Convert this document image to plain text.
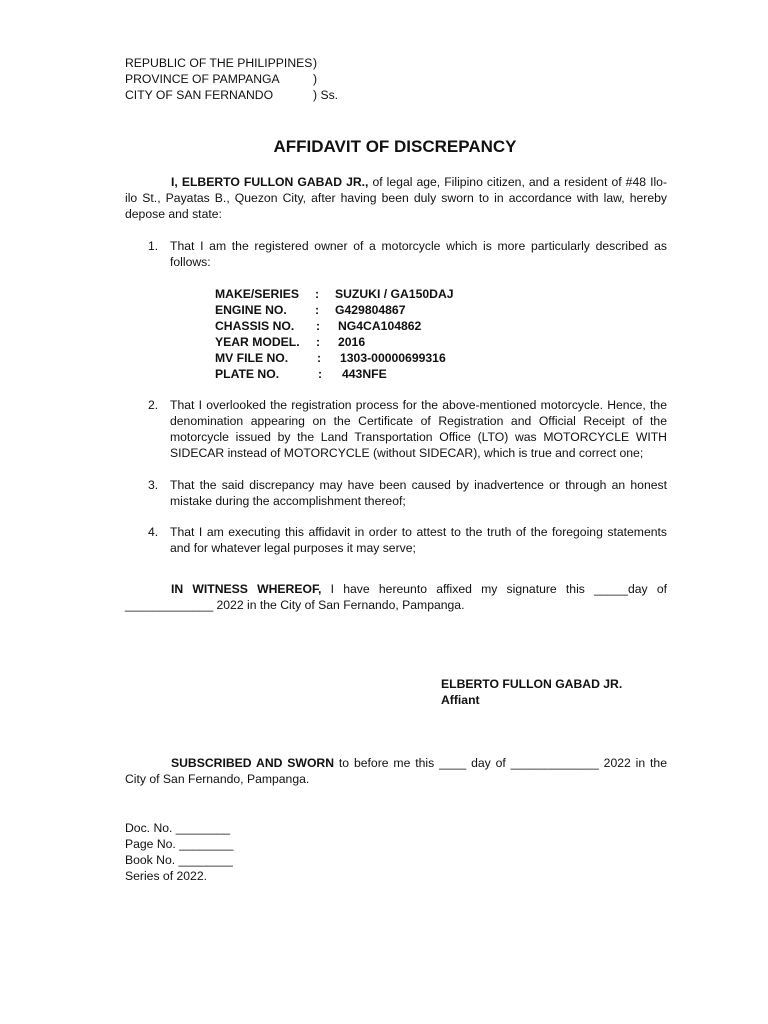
REPUBLIC OF THE PHILIPPINES )
PROVINCE OF PAMPANGA	)
CITY OF SAN FERNANDO	) Ss.
AFFIDAVIT OF DISCREPANCY
I, ELBERTO FULLON GABAD JR., of legal age, Filipino citizen, and a resident of #48 Ilo-ilo St., Payatas B., Quezon City, after having been duly sworn to in accordance with law, hereby depose and state:
1. That I am the registered owner of a motorcycle which is more particularly described as follows:
MAKE/SERIES : SUZUKI / GA150DAJ
ENGINE NO. : G429804867
CHASSIS NO. : NG4CA104862
YEAR MODEL. : 2016
MV FILE NO. : 1303-00000699316
PLATE NO.	: 443NFE
2. That I overlooked the registration process for the above-mentioned motorcycle. Hence, the denomination appearing on the Certificate of Registration and Official Receipt of the motorcycle issued by the Land Transportation Office (LTO) was MOTORCYCLE WITH SIDECAR instead of MOTORCYCLE (without SIDECAR), which is true and correct one;
3. That the said discrepancy may have been caused by inadvertence or through an honest mistake during the accomplishment thereof;
4. That I am executing this affidavit in order to attest to the truth of the foregoing statements and for whatever legal purposes it may serve;
IN WITNESS WHEREOF, I have hereunto affixed my signature this _____day of _____________ 2022 in the City of San Fernando, Pampanga.
ELBERTO FULLON GABAD JR.
Affiant
SUBSCRIBED AND SWORN to before me this ____ day of _____________ 2022 in the City of San Fernando, Pampanga.
Doc. No. ________
Page No. ________
Book No. ________
Series of 2022.
